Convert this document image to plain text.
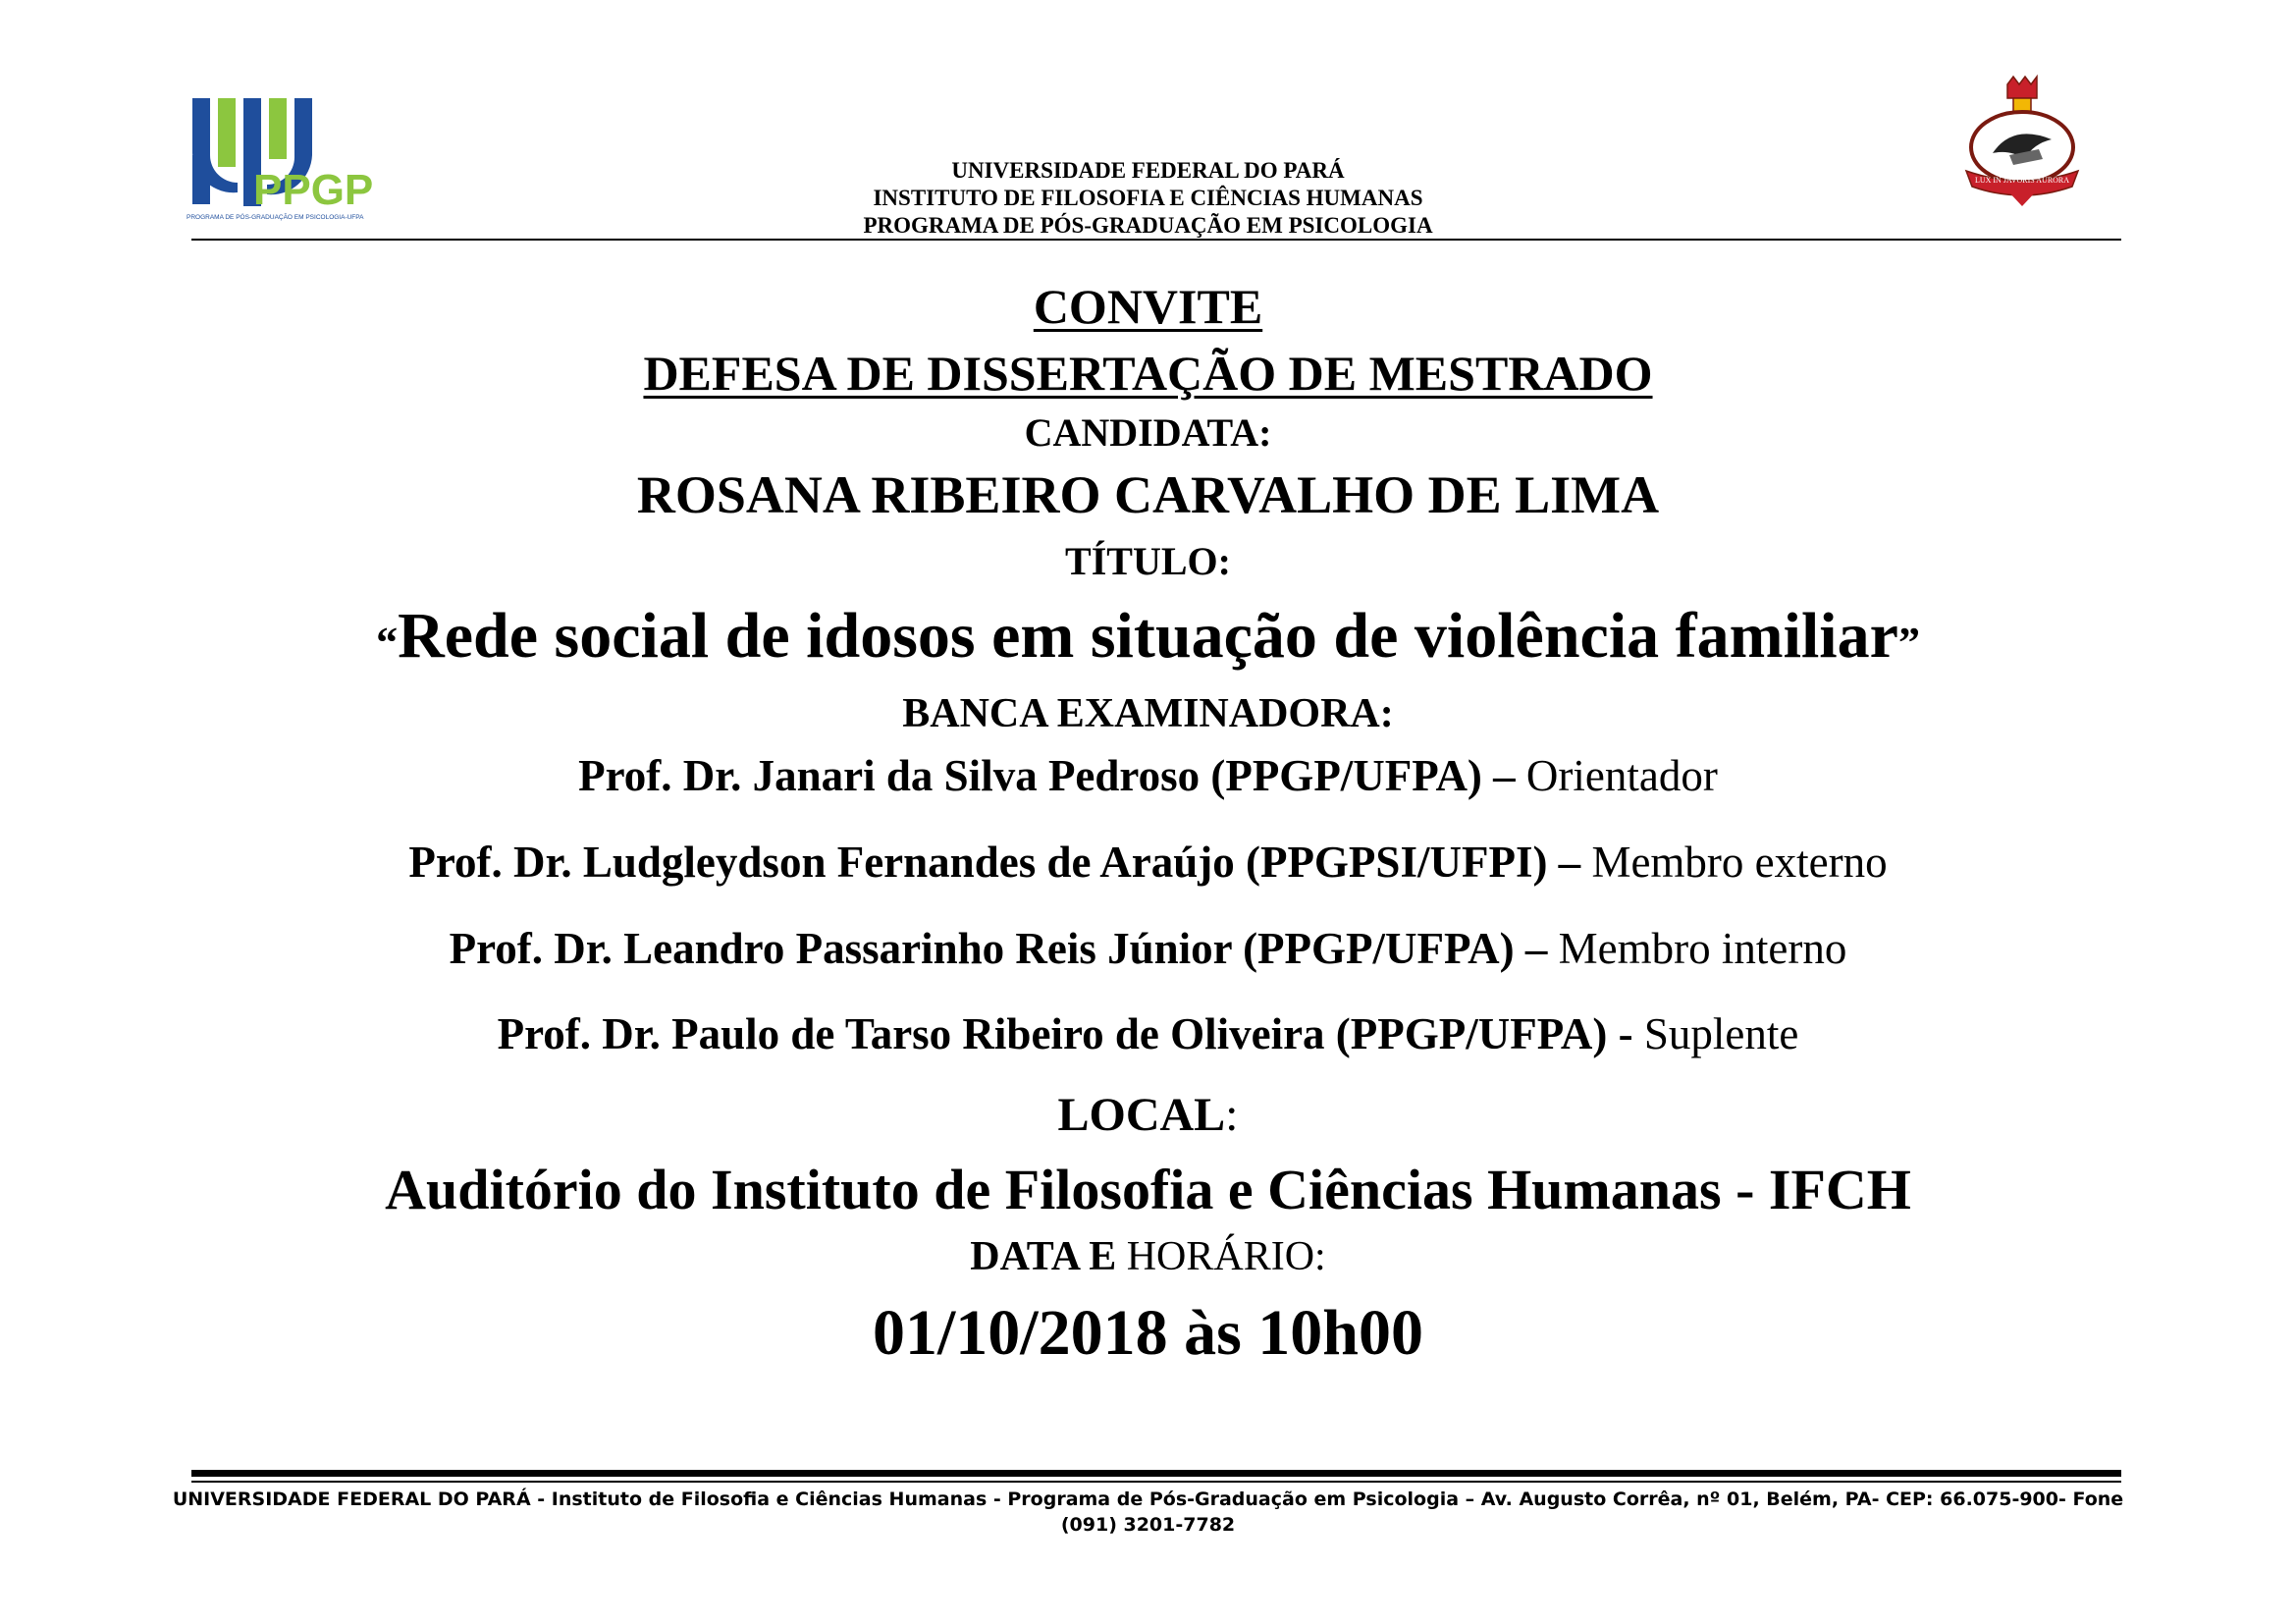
PPGP
PROGRAMA DE PÓS-GRADUAÇÃO EM PSICOLOGIA-UFPA
UNIVERSIDADE FEDERAL DO PARÁ
INSTITUTO DE FILOSOFIA E CIÊNCIAS HUMANAS
PROGRAMA DE PÓS-GRADUAÇÃO EM PSICOLOGIA
LUX IN JAVORIS AURORA
CONVITE
DEFESA DE DISSERTAÇÃO DE MESTRADO
CANDIDATA:
ROSANA RIBEIRO CARVALHO DE LIMA
TÍTULO:
“Rede social de idosos em situação de violência familiar”
BANCA EXAMINADORA:
Prof. Dr. Janari da Silva Pedroso (PPGP/UFPA) – Orientador
Prof. Dr. Ludgleydson Fernandes de Araújo (PPGPSI/UFPI) – Membro externo
Prof. Dr. Leandro Passarinho Reis Júnior (PPGP/UFPA) – Membro interno
Prof. Dr. Paulo de Tarso Ribeiro de Oliveira (PPGP/UFPA) - Suplente
LOCAL:
Auditório do Instituto de Filosofia e Ciências Humanas - IFCH
DATA E HORÁRIO:
01/10/2018 às 10h00
UNIVERSIDADE FEDERAL DO PARÁ - Instituto de Filosofia e Ciências Humanas - Programa de Pós-Graduação em Psicologia – Av. Augusto Corrêa, nº 01, Belém, PA- CEP: 66.075-900- Fone
(091) 3201-7782
